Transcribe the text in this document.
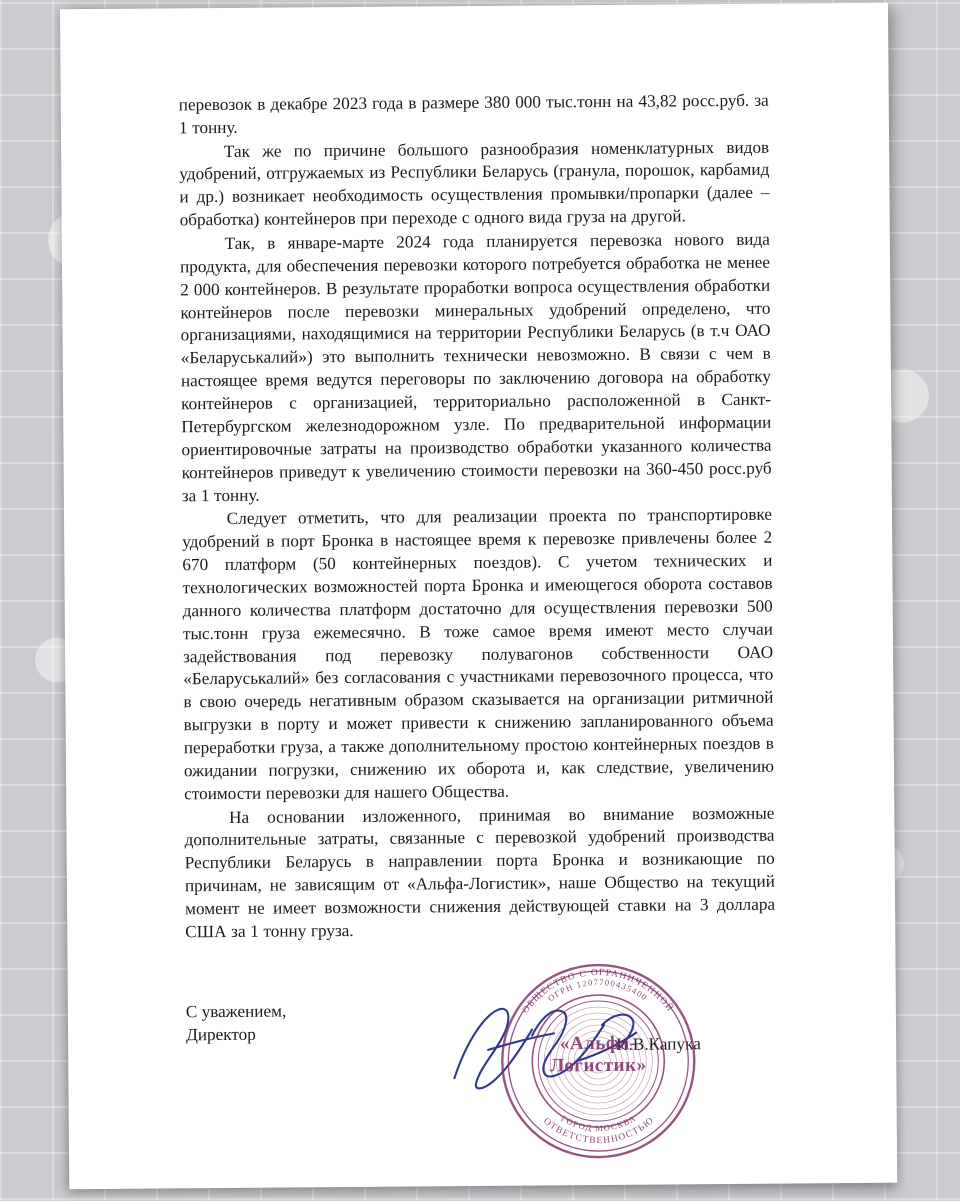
перевозок в декабре 2023 года в размере 380 000 тыс.тонн на 43,82 росс.руб. за 1 тонну.

Так же по причине большого разнообразия номенклатурных видов удобрений, отгружаемых из Республики Беларусь (гранула, порошок, карбамид и др.) возникает необходимость осуществления промывки/пропарки (далее – обработка) контейнеров при переходе с одного вида груза на другой.

Так, в январе-марте 2024 года планируется перевозка нового вида продукта, для обеспечения перевозки которого потребуется обработка не менее 2 000 контейнеров. В результате проработки вопроса осуществления обработки контейнеров после перевозки минеральных удобрений определено, что организациями, находящимися на территории Республики Беларусь (в т.ч ОАО «Беларуськалий») это выполнить технически невозможно. В связи с чем в настоящее время ведутся переговоры по заключению договора на обработку контейнеров с организацией, территориально расположенной в Санкт-Петербургском железнодорожном узле. По предварительной информации ориентировочные затраты на производство обработки указанного количества контейнеров приведут к увеличению стоимости перевозки на 360-450 росс.руб за 1 тонну.

Следует отметить, что для реализации проекта по транспортировке удобрений в порт Бронка в настоящее время к перевозке привлечены более 2 670 платформ (50 контейнерных поездов). С учетом технических и технологических возможностей порта Бронка и имеющегося оборота составов данного количества платформ достаточно для осуществления перевозки 500 тыс.тонн груза ежемесячно. В тоже самое время имеют место случаи задействования под перевозку полувагонов собственности ОАО «Беларуськалий» без согласования с участниками перевозочного процесса, что в свою очередь негативным образом сказывается на организации ритмичной выгрузки в порту и может привести к снижению запланированного объема переработки груза, а также дополнительному простою контейнерных поездов в ожидании погрузки, снижению их оборота и, как следствие, увеличению стоимости перевозки для нашего Общества.

На основании изложенного, принимая во внимание возможные дополнительные затраты, связанные с перевозкой удобрений производства Республики Беларусь в направлении порта Бронка и возникающие по причинам, не зависящим от «Альфа-Логистик», наше Общество на текущий момент не имеет возможности снижения действующей ставки на 3 доллара США за 1 тонну груза.

С уважением,
Директор	И.В.Капука
ОБЩЕСТВО С ОГРАНИЧЕННОЙ
ОГРН 1207700435400
ОТВЕТСТВЕННОСТЬЮ
ГОРОД МОСКВА
«Альфа-
Логистик»
